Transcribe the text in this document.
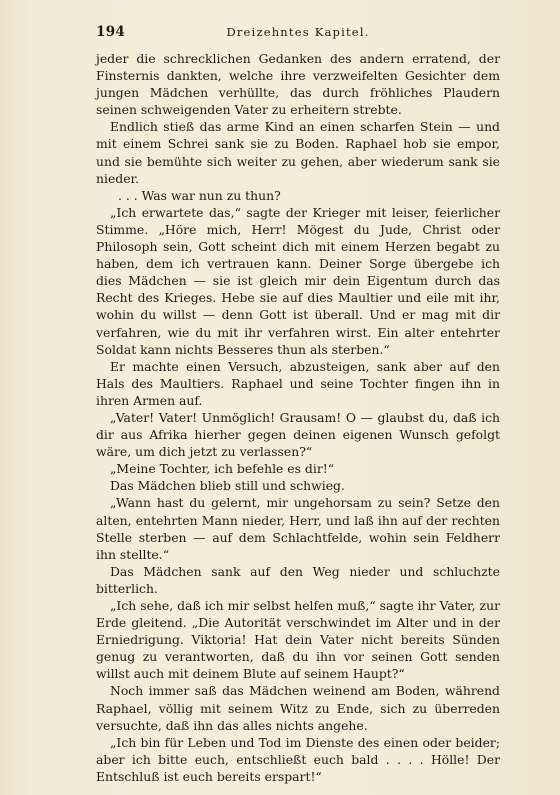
194	Dreizehntes Kapitel.

jeder die schrecklichen Gedanken des andern erratend, der Finsternis dankten, welche ihre verzweifelten Gesichter dem jungen Mädchen verhüllte, das durch fröhliches Plaudern seinen schweigenden Vater zu erheitern strebte.

Endlich stieß das arme Kind an einen scharfen Stein — und mit einem Schrei sank sie zu Boden. Raphael hob sie empor, und sie bemühte sich weiter zu gehen, aber wiederum sank sie nieder.

. . . Was war nun zu thun?

„Ich erwartete das,“ sagte der Krieger mit leiser, feierlicher Stimme. „Höre mich, Herr! Mögest du Jude, Christ oder Philosoph sein, Gott scheint dich mit einem Herzen begabt zu haben, dem ich vertrauen kann. Deiner Sorge übergebe ich dies Mädchen — sie ist gleich mir dein Eigentum durch das Recht des Krieges. Hebe sie auf dies Maultier und eile mit ihr, wohin du willst — denn Gott ist überall. Und er mag mit dir verfahren, wie du mit ihr verfahren wirst. Ein alter entehrter Soldat kann nichts Besseres thun als sterben.“

Er machte einen Versuch, abzusteigen, sank aber auf den Hals des Maultiers. Raphael und seine Tochter fingen ihn in ihren Armen auf.

„Vater! Vater! Unmöglich! Grausam! O — glaubst du, daß ich dir aus Afrika hierher gegen deinen eigenen Wunsch gefolgt wäre, um dich jetzt zu verlassen?“

„Meine Tochter, ich befehle es dir!“

Das Mädchen blieb still und schwieg.

„Wann hast du gelernt, mir ungehorsam zu sein? Setze den alten, entehrten Mann nieder, Herr, und laß ihn auf der rechten Stelle sterben — auf dem Schlachtfelde, wohin sein Feldherr ihn stellte.“

Das Mädchen sank auf den Weg nieder und schluchzte bitterlich.

„Ich sehe, daß ich mir selbst helfen muß,“ sagte ihr Vater, zur Erde gleitend. „Die Autorität verschwindet im Alter und in der Erniedrigung. Viktoria! Hat dein Vater nicht bereits Sünden genug zu verantworten, daß du ihn vor seinen Gott senden willst auch mit deinem Blute auf seinem Haupt?“

Noch immer saß das Mädchen weinend am Boden, während Raphael, völlig mit seinem Witz zu Ende, sich zu überreden versuchte, daß ihn das alles nichts angehe.

„Ich bin für Leben und Tod im Dienste des einen oder beider; aber ich bitte euch, entschließt euch bald . . . . Hölle! Der Entschluß ist euch bereits erspart!“
